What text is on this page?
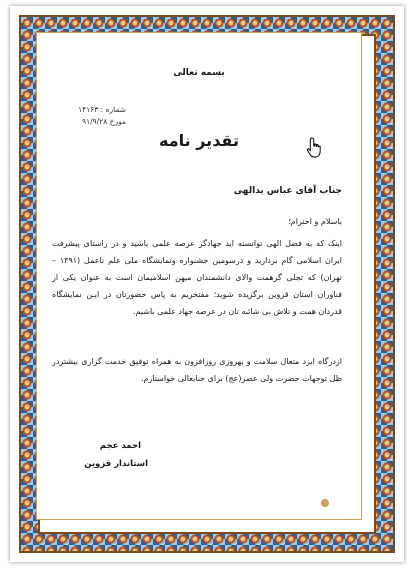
بسمه تعالی
شماره : ۱۴۱۶۳
مورخ ۹۱/۹/۲۸
تقدیر نامه
جناب آقای عباس یدالهی
باسلام و احترام؛
اینک که به فضل الهی توانسته اید جهادگر عرصه علمی باشید و در راستای پیشرفت ایران اسلامی گام بردارید و درسومین جشنواره ونمایشگاه ملی علم تاعمل (۱۳۹۱ – تهران) که تجلی گرهمت والای دانشمندان میهن اسلامیمان است به عنوان یکی از فناوران استان قزوین برگزیده شوید؛ مفتخریم به پاس حضورتان در ایـن نمایشگاه قدردان همت و تلاش بی شائبه تان در عرصه جهاد علمی باشیم.
ازدرگاه ایزد متعال سلامت و بهروزی روزافزون به همراه توفیق خدمت گزاری بیشتردر ظل توجهات حضرت ولی عصر(عج) برای جنابعالی خواستارم.
احمد عجم
استاندار قزوین
